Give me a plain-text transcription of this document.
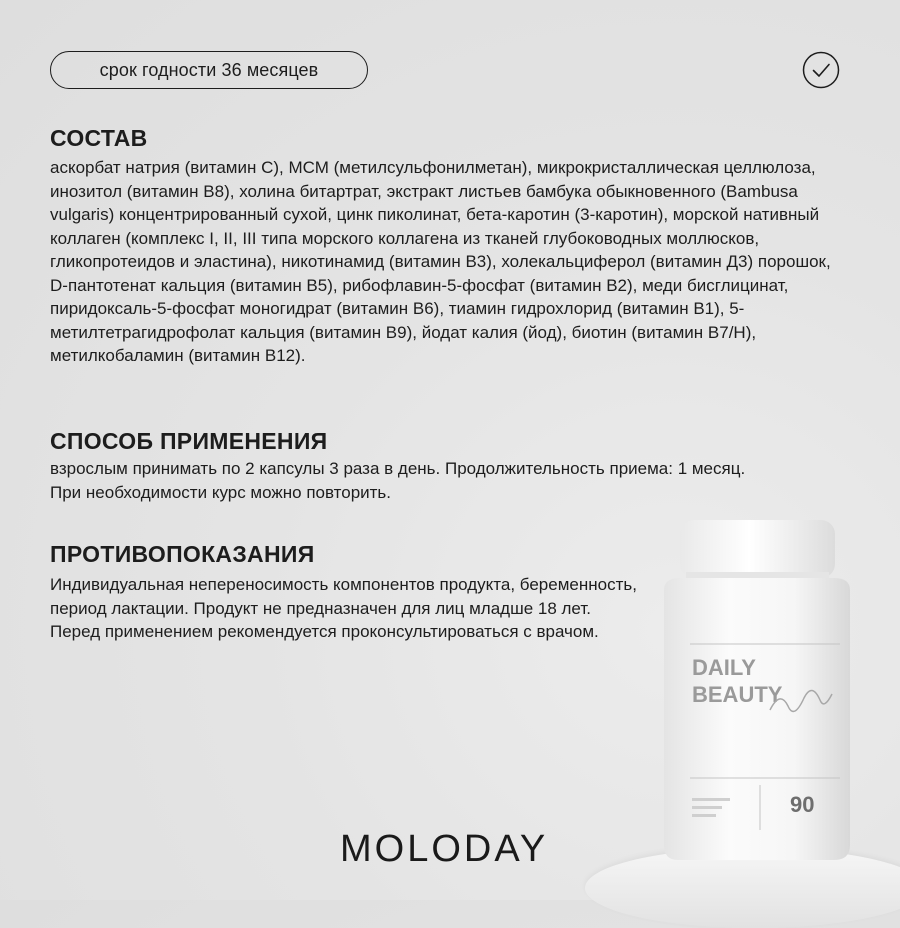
срок годности 36 месяцев
СОСТАВ

аскорбат натрия (витамин С), МСМ (метилсульфонилметан), микрокристаллическая целлюлоза, инозитол (витамин В8), холина битартрат, экстракт листьев бамбука обыкновенного (Bambusa vulgaris) концентрированный сухой, цинк пиколинат, бета-каротин (3-каротин), морской нативный коллаген (комплекс I, II, III типа морского коллагена из тканей глубоководных моллюсков, гликопротеидов и эластина), никотинамид (витамин В3), холекальциферол (витамин Д3) порошок, D-пантотенат кальция (витамин В5), рибофлавин-5-фосфат (витамин В2), меди бисглицинат, пиридоксаль-5-фосфат моногидрат (витамин В6), тиамин гидрохлорид (витамин В1), 5-метилтетрагидрофолат кальция (витамин В9), йодат калия (йод), биотин (витамин В7/Н), метилкобаламин (витамин В12).

СПОСОБ ПРИМЕНЕНИЯ

взрослым принимать по 2 капсулы 3 раза в день. Продолжительность приема: 1 месяц. При необходимости курс можно повторить.

ПРОТИВОПОКАЗАНИЯ

Индивидуальная непереносимость компонентов продукта, беременность, период лактации. Продукт не предназначен для лиц младше 18 лет. Перед применением рекомендуется проконсультироваться с врачом.

DAILY
BEAUTY
90
MOLODAY
